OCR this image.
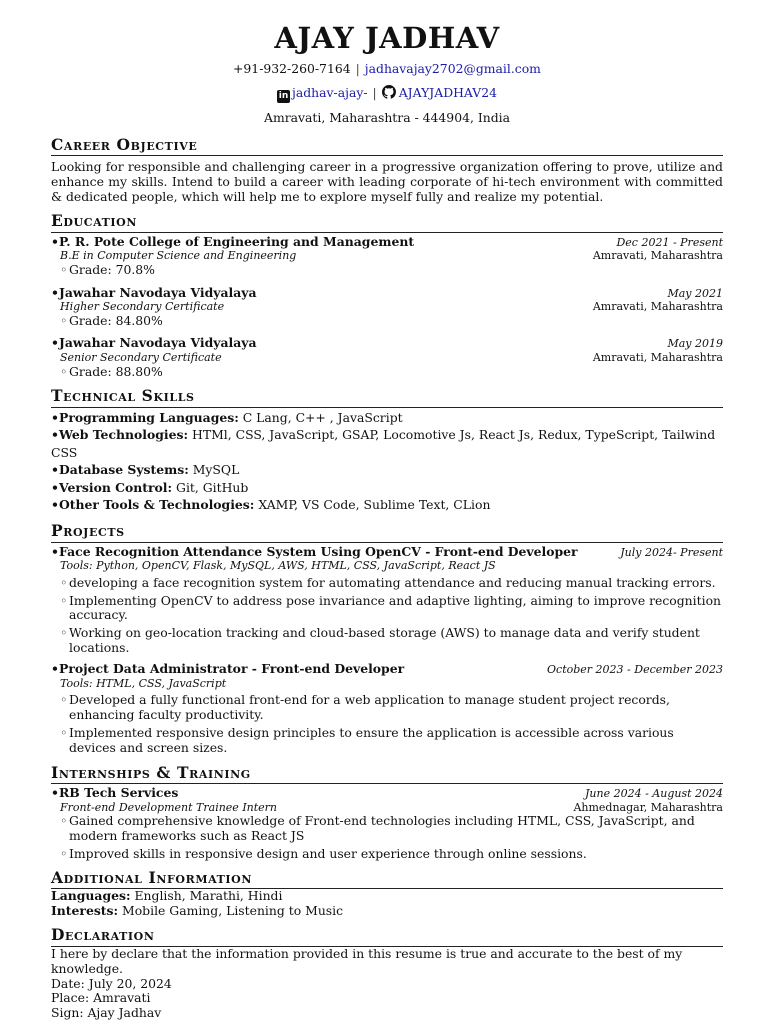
AJAY JADHAV
+91-932-260-7164 | jadhavajay2702@gmail.com
in jadhav-ajay- | AJAYJADHAV24
Amravati, Maharashtra - 444904, India
Career Objective

Looking for responsible and challenging career in a progressive organization offering to prove, utilize and enhance my skills. Intend to build a career with leading corporate of hi-tech environment with committed & dedicated people, which will help me to explore myself fully and realize my potential.

Education
• P. R. Pote College of Engineering and Management	Dec 2021 - Present
B.E in Computer Science and Engineering	Amravati, Maharashtra
◦ Grade: 70.8%
• Jawahar Navodaya Vidyalaya	May 2021
Higher Secondary Certificate	Amravati, Maharashtra
◦ Grade: 84.80%
• Jawahar Navodaya Vidyalaya	May 2019
Senior Secondary Certificate	Amravati, Maharashtra
◦ Grade: 88.80%
Technical Skills
• Programming Languages: C Lang, C++ , JavaScript
• Web Technologies: HTMl, CSS, JavaScript, GSAP, Locomotive Js, React Js, Redux, TypeScript, Tailwind CSS
• Database Systems: MySQL
• Version Control: Git, GitHub
• Other Tools & Technologies: XAMP, VS Code, Sublime Text, CLion
Projects
• Face Recognition Attendance System Using OpenCV - Front-end Developer	July 2024- Present
Tools: Python, OpenCV, Flask, MySQL, AWS, HTML, CSS, JavaScript, React JS
◦ developing a face recognition system for automating attendance and reducing manual tracking errors.
◦ Implementing OpenCV to address pose invariance and adaptive lighting, aiming to improve recognition accuracy.
◦ Working on geo-location tracking and cloud-based storage (AWS) to manage data and verify student locations.
• Project Data Administrator - Front-end Developer	October 2023 - December 2023
Tools: HTML, CSS, JavaScript
◦ Developed a fully functional front-end for a web application to manage student project records, enhancing faculty productivity.
◦ Implemented responsive design principles to ensure the application is accessible across various devices and screen sizes.
Internships & Training
• RB Tech Services	June 2024 - August 2024
Front-end Development Trainee Intern	Ahmednagar, Maharashtra
◦ Gained comprehensive knowledge of Front-end technologies including HTML, CSS, JavaScript, and modern frameworks such as React JS
◦ Improved skills in responsive design and user experience through online sessions.
Additional Information

Languages: English, Marathi, Hindi

Interests: Mobile Gaming, Listening to Music

Declaration

I here by declare that the information provided in this resume is true and accurate to the best of my knowledge.

Date: July 20, 2024

Place: Amravati

Sign: Ajay Jadhav
